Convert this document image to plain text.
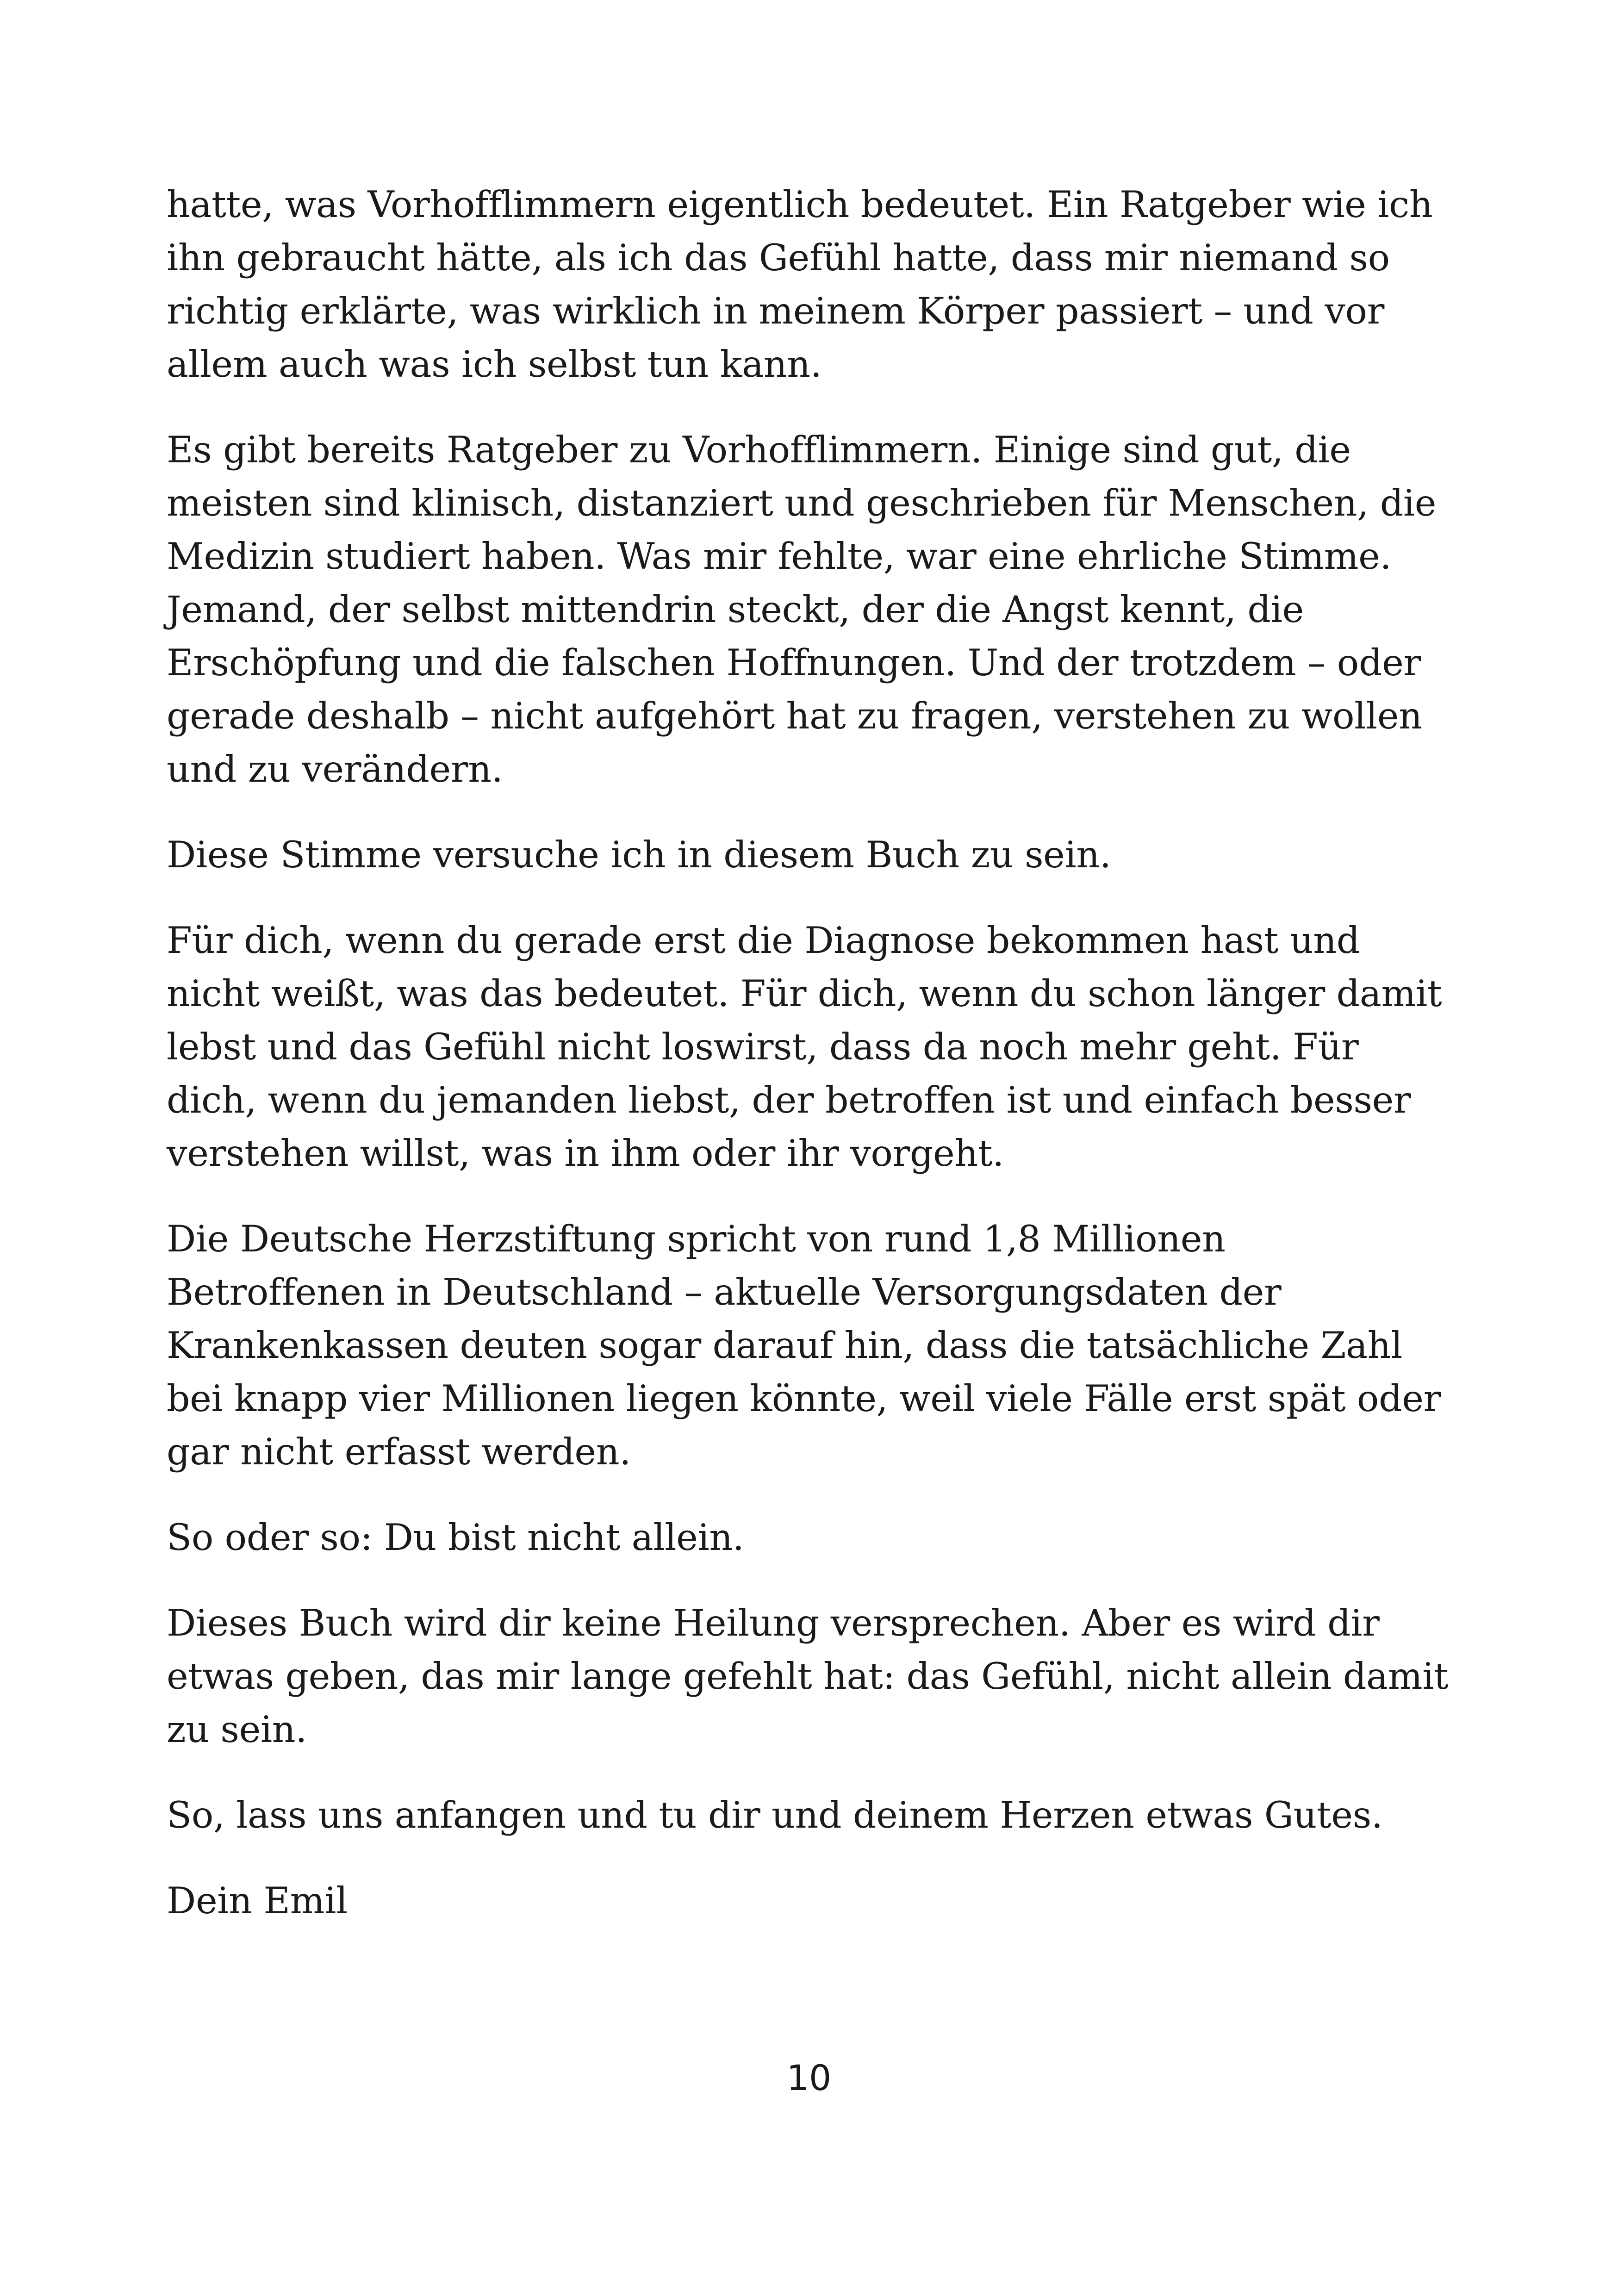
hatte, was Vorhofflimmern eigentlich bedeutet. Ein Ratgeber wie ich ihn gebraucht hätte, als ich das Gefühl hatte, dass mir niemand so richtig erklärte, was wirklich in meinem Körper passiert – und vor allem auch was ich selbst tun kann.

Es gibt bereits Ratgeber zu Vorhofflimmern. Einige sind gut, die meisten sind klinisch, distanziert und geschrieben für Menschen, die Medizin studiert haben. Was mir fehlte, war eine ehrliche Stimme. Jemand, der selbst mittendrin steckt, der die Angst kennt, die Erschöpfung und die falschen Hoffnungen. Und der trotzdem – oder gerade deshalb – nicht aufgehört hat zu fragen, verstehen zu wollen und zu verändern.

Diese Stimme versuche ich in diesem Buch zu sein.

Für dich, wenn du gerade erst die Diagnose bekommen hast und nicht weißt, was das bedeutet. Für dich, wenn du schon länger damit lebst und das Gefühl nicht loswirst, dass da noch mehr geht. Für dich, wenn du jemanden liebst, der betroffen ist und einfach besser verstehen willst, was in ihm oder ihr vorgeht.

Die Deutsche Herzstiftung spricht von rund 1,8 Millionen Betroffenen in Deutschland – aktuelle Versorgungsdaten der Krankenkassen deuten sogar darauf hin, dass die tatsächliche Zahl bei knapp vier Millionen liegen könnte, weil viele Fälle erst spät oder gar nicht erfasst werden.

So oder so: Du bist nicht allein.

Dieses Buch wird dir keine Heilung versprechen. Aber es wird dir etwas geben, das mir lange gefehlt hat: das Gefühl, nicht allein damit zu sein.

So, lass uns anfangen und tu dir und deinem Herzen etwas Gutes.

Dein Emil

10
